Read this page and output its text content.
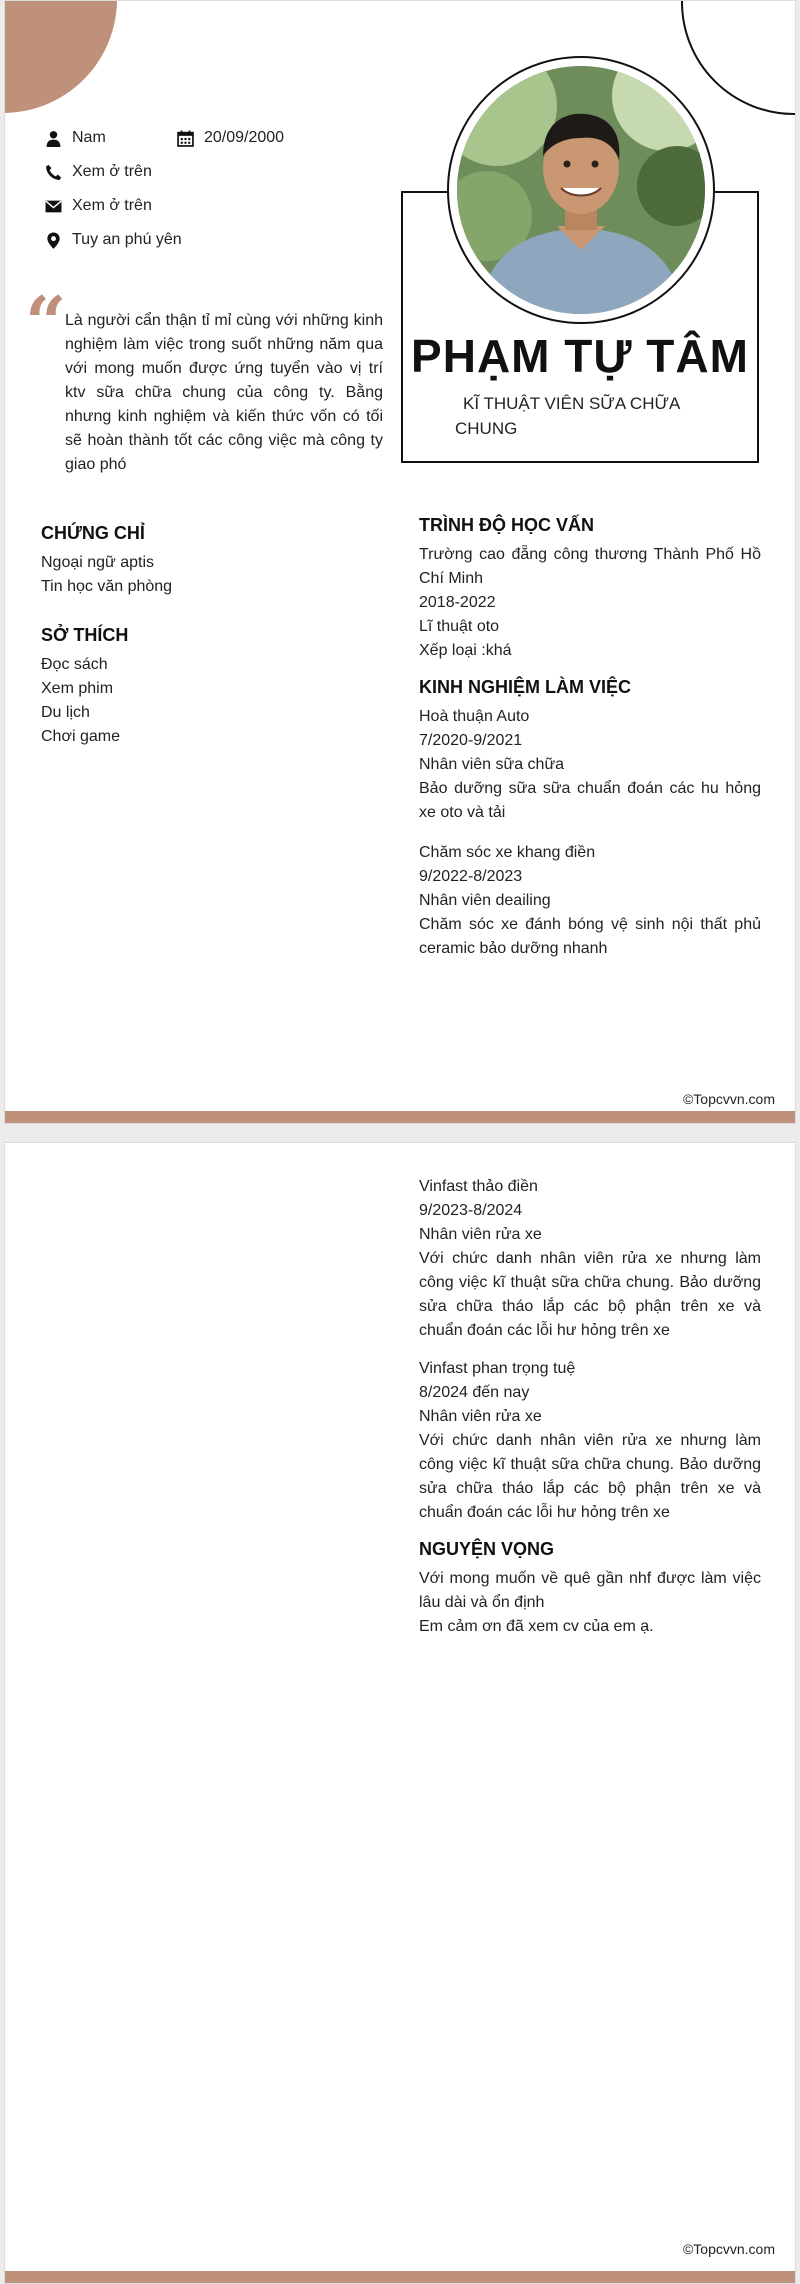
Nam	20/09/2000
Xem ở trên
Xem ở trên
Tuy an phú yên
“
Là người cẩn thận tỉ mỉ cùng với những kinh nghiệm làm việc trong suốt những năm qua với mong muốn được ứng tuyển vào vị trí ktv sữa chữa chung của công ty. Bằng nhưng kinh nghiệm và kiến thức vốn có tối sẽ hoàn thành tốt các công việc mà công ty giao phó
PHẠM TỰ TÂM
KĨ THUẬT VIÊN SỮA CHỮA CHUNG
CHỨNG CHỈ
Ngoại ngữ aptis
Tin học văn phòng
SỞ THÍCH
Đọc sách
Xem phim
Du lịch
Chơi game
TRÌNH ĐỘ HỌC VẤN
Trường cao đẵng công thương Thành Phố Hồ Chí Minh
2018-2022
Lĩ thuật oto
Xếp loại :khá
KINH NGHIỆM LÀM VIỆC
Hoà thuận Auto
7/2020-9/2021
Nhân viên sữa chữa
Bảo dưỡng sữa sữa chuẩn đoán các hu hỏng xe oto và tải
Chăm sóc xe khang điền
9/2022-8/2023
Nhân viên deailing
Chăm sóc xe đánh bóng vệ sinh nội thất phủ ceramic bảo dưỡng nhanh
©Topcvvn.com
Vinfast thảo điền
9/2023-8/2024
Nhân viên rửa xe
Với chức danh nhân viên rửa xe nhưng làm công việc kĩ thuật sữa chữa chung. Bảo dưỡng sửa chữa tháo lắp các bộ phận trên xe và chuẩn đoán các lỗi hư hỏng trên xe
Vinfast phan trọng tuệ
8/2024 đến nay
Nhân viên rửa xe
Với chức danh nhân viên rửa xe nhưng làm công việc kĩ thuật sữa chữa chung. Bảo dưỡng sửa chữa tháo lắp các bộ phận trên xe và chuẩn đoán các lỗi hư hỏng trên xe
NGUYỆN VỌNG
Với mong muốn về quê gần nhf được làm việc lâu dài và ổn định
Em cảm ơn đã xem cv của em ạ.
©Topcvvn.com
